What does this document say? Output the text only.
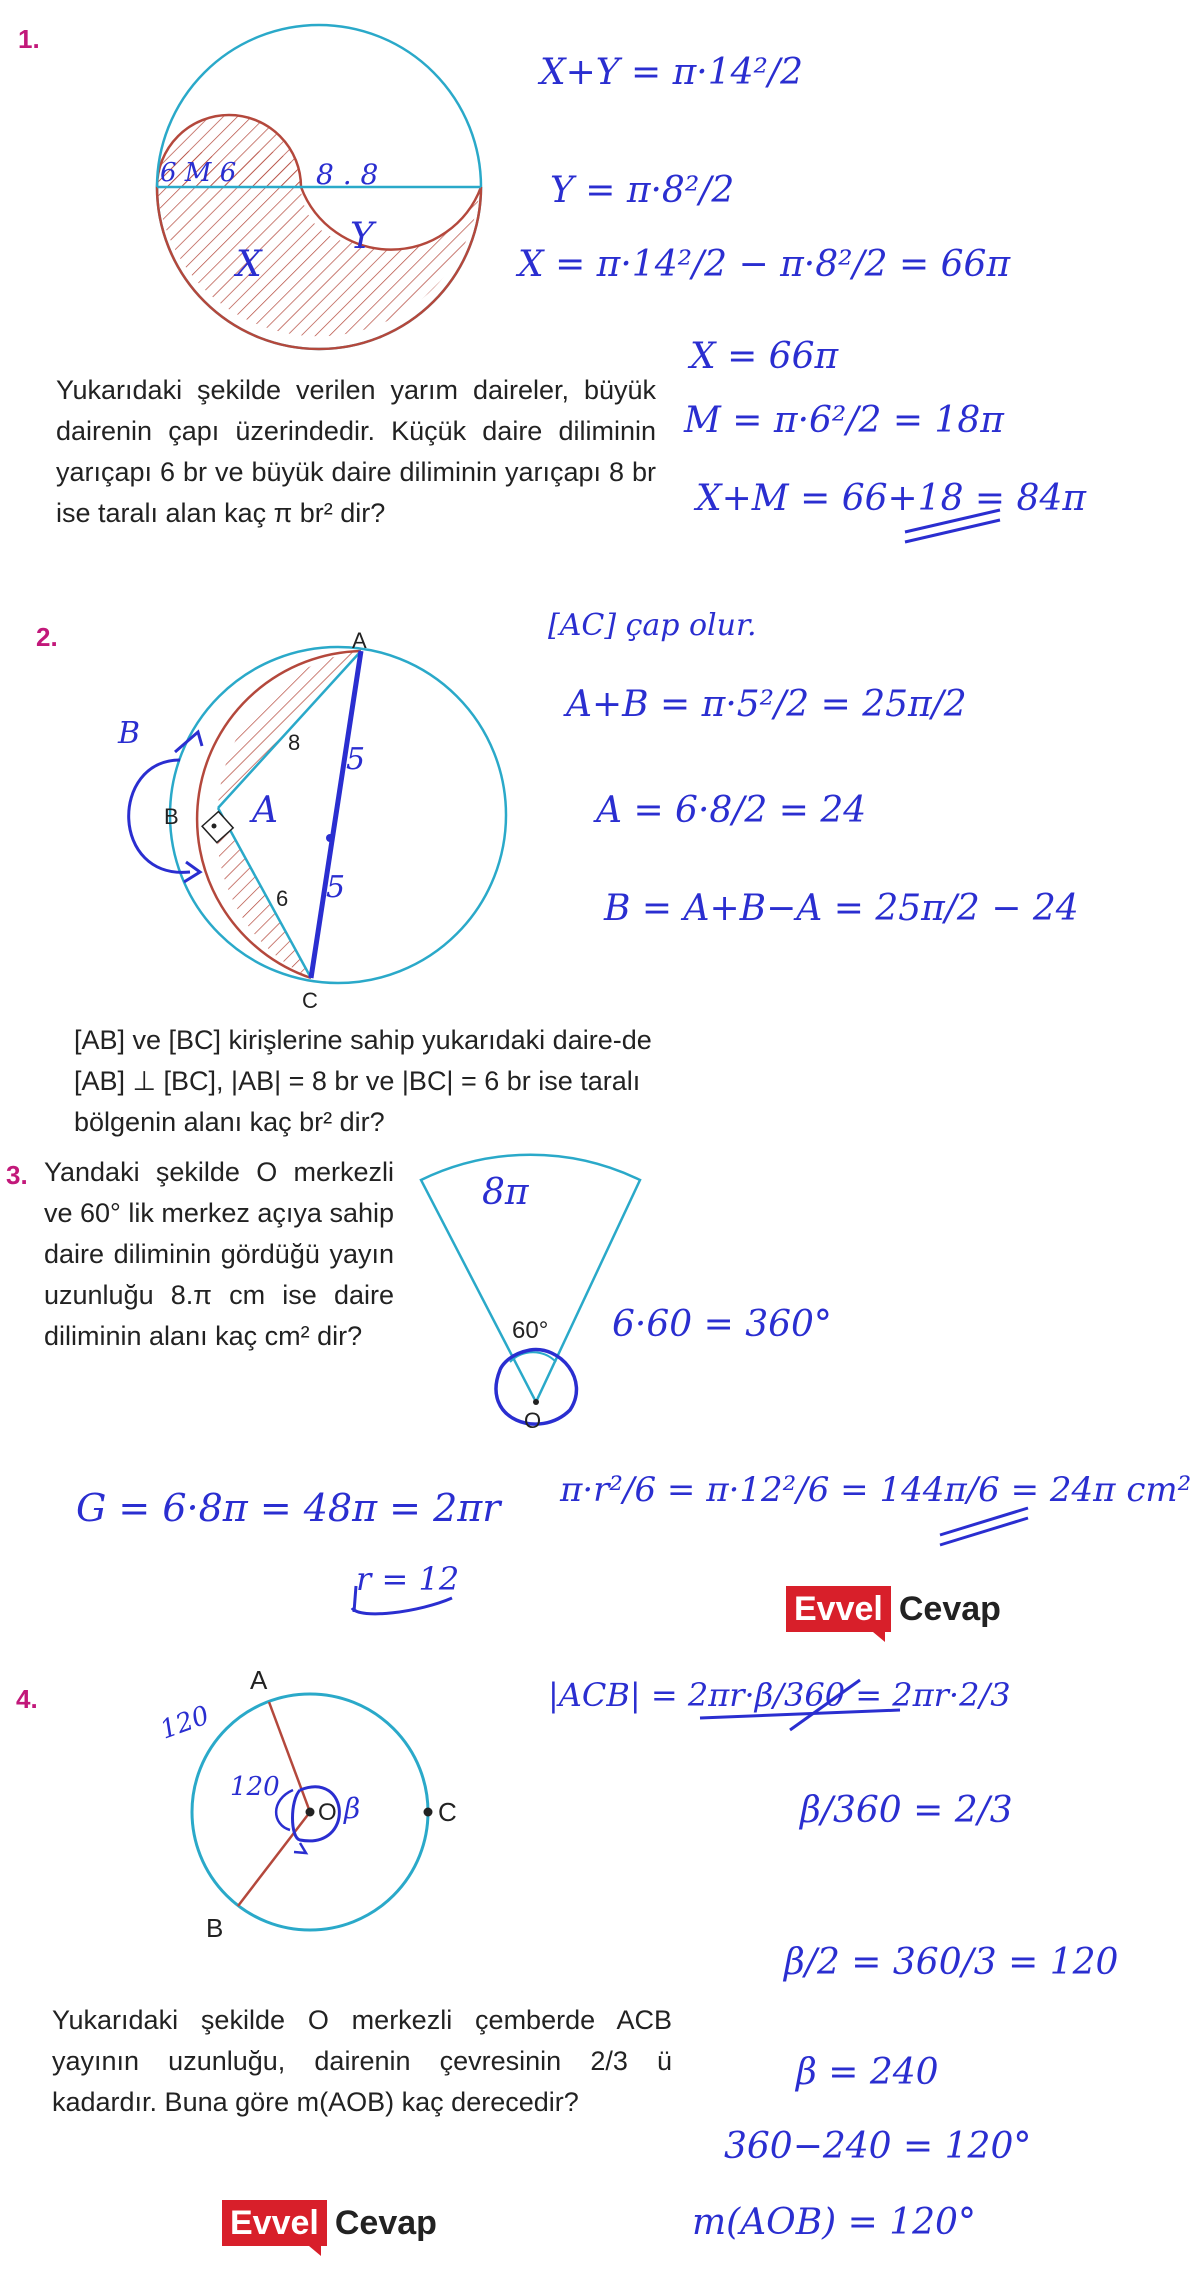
1.
6 M 6	8 . 8
X
Y
Yukarıdaki şekilde verilen yarım daireler, büyük dairenin çapı üzerindedir. Küçük daire diliminin yarıçapı 6 br ve büyük daire diliminin yarıçapı 8 br ise taralı alan kaç π br² dir?
X+Y = π·14²/2
Y = π·8²/2
X = π·14²/2 − π·8²/2 = 66π
X = 66π
M = π·6²/2 = 18π
X+M = 66+18 = 84π
2.	A
B
C
8
6
A
B
5
5
[AB] ve [BC] kirişlerine sahip yukarıdaki daire-de [AB] ⊥ [BC], |AB| = 8 br ve |BC| = 6 br ise taralı bölgenin alanı kaç br² dir?
[AC] çap olur.
A+B = π·5²/2 = 25π/2
A = 6·8/2 = 24
B = A+B−A = 25π/2 − 24
3. Yandaki şekilde O merkezli ve 60° lik merkez açıya sahip daire diliminin gördüğü yayın uzunluğu 8.π cm ise daire diliminin alanı kaç cm² dir?
8π
60°
O
6·60 = 360°
G = 6·8π = 48π = 2πr
r = 12
π·r²/6 = π·12²/6 = 144π/6 = 24π cm²
Evvel Cevap
4.
A
B
C
O β
120
120
Yukarıdaki şekilde O merkezli çemberde ACB yayının uzunluğu, dairenin çevresinin 2/3 ü kadardır. Buna göre m(AOB) kaç derecedir?
|ACB| = 2πr·β/360 = 2πr·2/3
β/360 = 2/3
β/2 = 360/3 = 120
β = 240
360−240 = 120°
m(AOB) = 120°
Evvel Cevap
